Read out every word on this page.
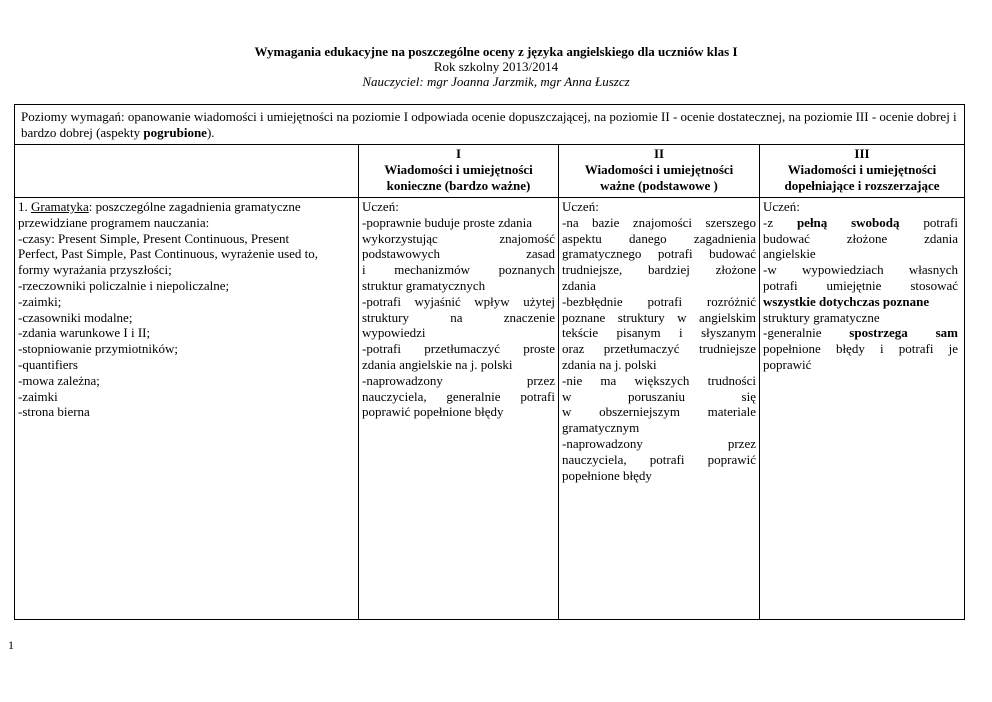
Wymagania edukacyjne na poszczególne oceny z języka angielskiego dla uczniów klas I
Rok szkolny 2013/2014
Nauczyciel: mgr Joanna Jarzmik, mgr Anna Łuszcz
Poziomy wymagań: opanowanie wiadomości i umiejętności na poziomie I odpowiada ocenie dopuszczającej, na poziomie II - ocenie dostatecznej, na poziomie III - ocenie dobrej i bardzo dobrej (aspekty pogrubione).
I
Wiadomości i umiejętności
konieczne (bardzo ważne)
II
Wiadomości i umiejętności
ważne (podstawowe )
III
Wiadomości i umiejętności
dopełniające i rozszerzające
1. Gramatyka: poszczególne zagadnienia gramatyczne
przewidziane programem nauczania:
-czasy: Present Simple, Present Continuous, Present
Perfect, Past Simple, Past Continuous, wyrażenie used to,
formy wyrażania przyszłości;
-rzeczowniki policzalnie i niepoliczalne;
-zaimki;
-czasowniki modalne;
-zdania warunkowe I i II;
-stopniowanie przymiotników;
-quantifiers
-mowa zależna;
-zaimki
-strona bierna
Uczeń:
-poprawnie buduje proste zdania
wykorzystując znajomość
podstawowych zasad
i mechanizmów poznanych
struktur gramatycznych
-potrafi wyjaśnić wpływ użytej
struktury na znaczenie
wypowiedzi
-potrafi przetłumaczyć proste
zdania angielskie na j. polski
-naprowadzony przez
nauczyciela, generalnie potrafi
poprawić popełnione błędy
Uczeń:
-na bazie znajomości szerszego
aspektu danego zagadnienia
gramatycznego potrafi budować
trudniejsze, bardziej złożone
zdania
-bezbłędnie potrafi rozróżnić
poznane struktury w angielskim
tekście pisanym i słyszanym
oraz przetłumaczyć trudniejsze
zdania na j. polski
-nie ma większych trudności
w poruszaniu się
w obszerniejszym materiale
gramatycznym
-naprowadzony przez
nauczyciela, potrafi poprawić
popełnione błędy
Uczeń:
-z pełną swobodą potrafi
budować złożone zdania
angielskie
-w wypowiedziach własnych
potrafi umiejętnie stosować
wszystkie dotychczas poznane
struktury gramatyczne
-generalnie spostrzega sam
popełnione błędy i potrafi je
poprawić
1
